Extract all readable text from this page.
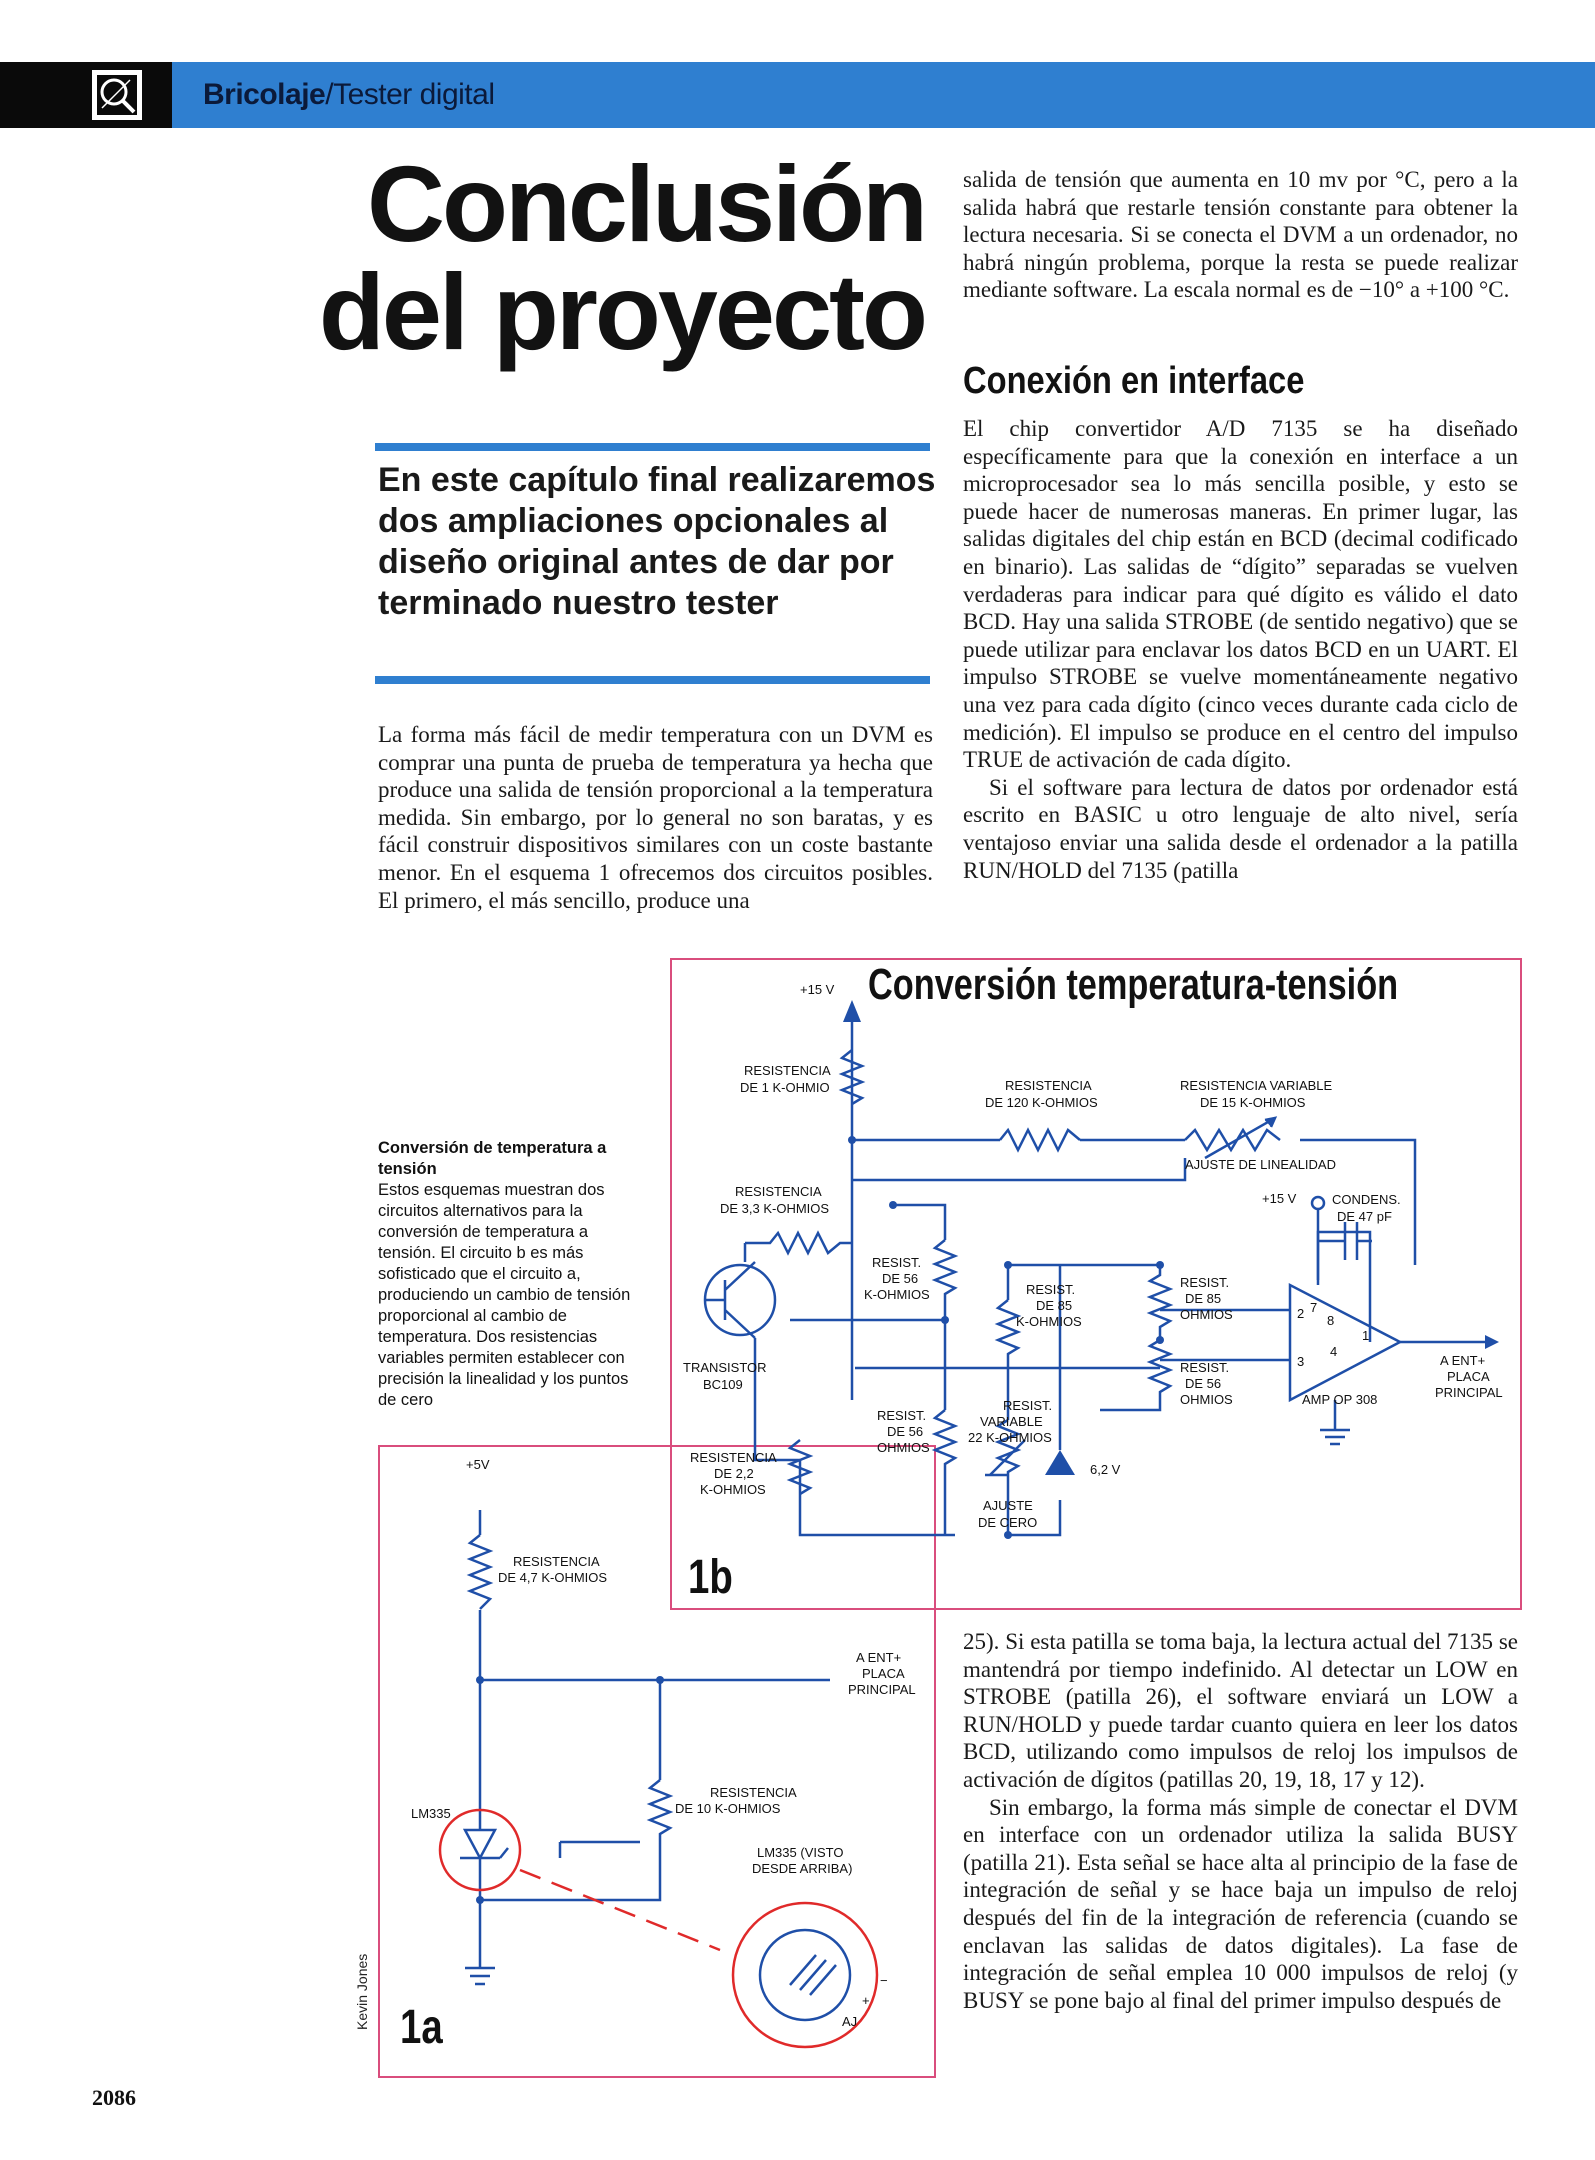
Bricolaje/Tester digital
Conclusión
del proyecto
En este capítulo final realizaremos dos ampliaciones opcionales al diseño original antes de dar por terminado nuestro tester

La forma más fácil de medir temperatura con un DVM es comprar una punta de prueba de temperatura ya hecha que produce una salida de tensión proporcional a la temperatura medida. Sin embargo, por lo general no son baratas, y es fácil construir dispositivos similares con un coste bastante menor. En el esquema 1 ofrecemos dos circuitos posibles. El primero, el más sencillo, produce una

salida de tensión que aumenta en 10 mv por °C, pero a la salida habrá que restarle tensión constante para obtener la lectura necesaria. Si se conecta el DVM a un ordenador, no habrá ningún problema, porque la resta se puede realizar mediante software. La escala normal es de −10° a +100 °C.

Conexión en interface

El chip convertidor A/D 7135 se ha diseñado específicamente para que la conexión en interface a un microprocesador sea lo más sencilla posible, y esto se puede hacer de numerosas maneras. En primer lugar, las salidas digitales del chip están en BCD (decimal codificado en binario). Las salidas de “dígito” separadas se vuelven verdaderas para indicar para qué dígito es válido el dato BCD. Hay una salida STROBE (de sentido negativo) que se puede utilizar para enclavar los datos BCD en un UART. El impulso STROBE se vuelve momentáneamente negativo una vez para cada dígito (cinco veces durante cada ciclo de medición). El impulso se produce en el centro del impulso TRUE de activación de cada dígito.

Si el software para lectura de datos por ordenador está escrito en BASIC u otro lenguaje de alto nivel, sería ventajoso enviar una salida desde el ordenador a la patilla RUN/HOLD del 7135 (patilla

25). Si esta patilla se toma baja, la lectura actual del 7135 se mantendrá por tiempo indefinido. Al detectar un LOW en STROBE (patilla 26), el software enviará un LOW a RUN/HOLD y puede tardar cuanto quiera en leer los datos BCD, utilizando como impulsos de reloj los impulsos de activación de dígitos (patillas 20, 19, 18, 17 y 12).

Sin embargo, la forma más simple de conectar el DVM en interface con un ordenador utiliza la salida BUSY (patilla 21). Esta señal se hace alta al principio de la fase de integración de señal y se hace baja un impulso de reloj después del fin de la integración de referencia (cuando se enclavan las salidas de datos digitales). La fase de integración de señal emplea 10 000 impulsos de reloj (y BUSY se pone bajo al final del primer impulso después de

Conversión temperatura-tensión
1b
1a
Conversión de temperatura a tensión
Estos esquemas muestran dos circuitos alternativos para la conversión de temperatura a tensión. El circuito b es más sofisticado que el circuito a, produciendo un cambio de tensión proporcional al cambio de temperatura. Dos resistencias variables permiten establecer con precisión la linealidad y los puntos de cero
+15 V
RESISTENCIA
DE 1 K-OHMIO	RESISTENCIA
DE 120 K-OHMIOS
RESISTENCIA VARIABLE
DE 15 K-OHMIOS
AJUSTE DE LINEALIDAD
RESISTENCIA
DE 3,3 K-OHMIOS
+15 V	CONDENS.
DE 47 pF
RESIST.
DE 56
K-OHMIOS	RESIST.
DE 85
K-OHMIOS
RESIST.
DE 85
OHMIOS
RESIST.
DE 56
OHMIOS
TRANSISTOR
BC109
RESIST.
DE 56
OHMIOS
RESIST.
VARIABLE
22 K-OHMIOS
6,2 V
RESISTENCIA
DE 2,2
K-OHMIOS
AJUSTE
DE CERO
AMP OP 308
A ENT+
PLACA
PRINCIPAL
2 7
8
3
4
1
+5V
RESISTENCIA
DE 4,7 K-OHMIOS
A ENT+
PLACA
PRINCIPAL
LM335
RESISTENCIA
DE 10 K-OHMIOS
LM335 (VISTO
DESDE ARRIBA)
−
+
AJ
Kevin Jones
2086
